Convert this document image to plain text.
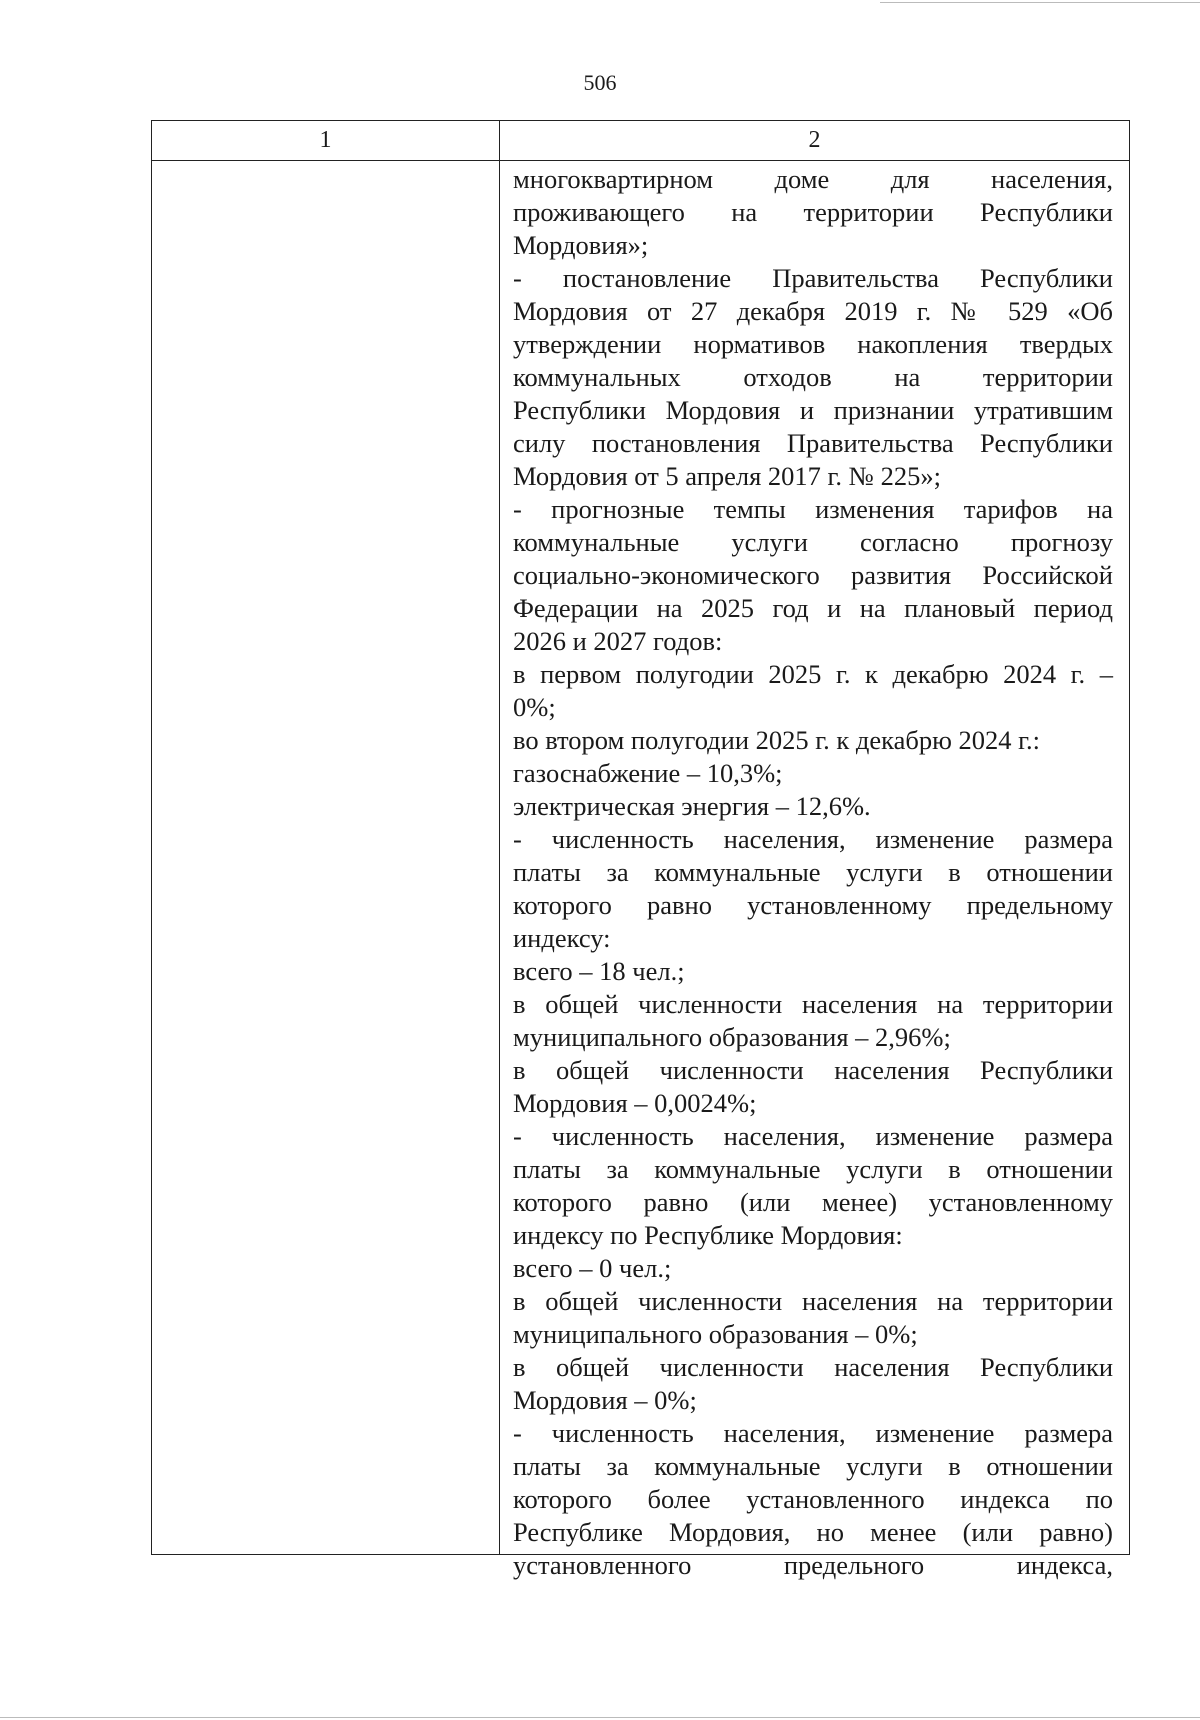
506
1	2
многоквартирном доме для населения,
проживающего на территории Республики
Мордовия»;
- постановление Правительства Республики
Мордовия от 27 декабря 2019 г. № 529 «Об
утверждении нормативов накопления твердых
коммунальных отходов на территории
Республики Мордовия и признании утратившим
силу постановления Правительства Республики
Мордовия от 5 апреля 2017 г. № 225»;
- прогнозные темпы изменения тарифов на
коммунальные услуги согласно прогнозу
социально-экономического развития Российской
Федерации на 2025 год и на плановый период
2026 и 2027 годов:
в первом полугодии 2025 г. к декабрю 2024 г. –
0%;
во втором полугодии 2025 г. к декабрю 2024 г.:
газоснабжение – 10,3%;
электрическая энергия – 12,6%.
- численность населения, изменение размера
платы за коммунальные услуги в отношении
которого равно установленному предельному
индексу:
всего – 18 чел.;
в общей численности населения на территории
муниципального образования – 2,96%;
в общей численности населения Республики
Мордовия – 0,0024%;
- численность населения, изменение размера
платы за коммунальные услуги в отношении
которого равно (или менее) установленному
индексу по Республике Мордовия:
всего – 0 чел.;
в общей численности населения на территории
муниципального образования – 0%;
в общей численности населения Республики
Мордовия – 0%;
- численность населения, изменение размера
платы за коммунальные услуги в отношении
которого более установленного индекса по
Республике Мордовия, но менее (или равно)
установленного предельного индекса,
